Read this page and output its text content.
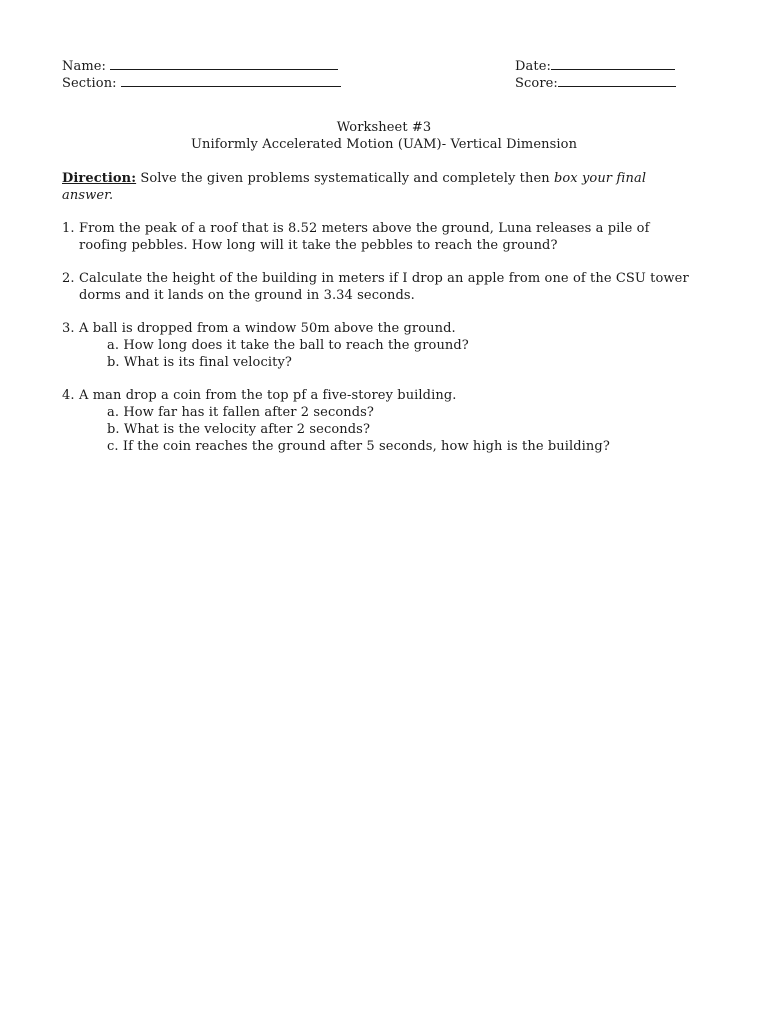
Name:
Section:
Date:
Score:
Worksheet #3
Uniformly Accelerated Motion (UAM)- Vertical Dimension
Direction: Solve the given problems systematically and completely then box your final
answer.
1. From the peak of a roof that is 8.52 meters above the ground, Luna releases a pile of
roofing pebbles. How long will it take the pebbles to reach the ground?
2. Calculate the height of the building in meters if I drop an apple from one of the CSU tower
dorms and it lands on the ground in 3.34 seconds.
3. A ball is dropped from a window 50m above the ground.
a. How long does it take the ball to reach the ground?
b. What is its final velocity?
4. A man drop a coin from the top pf a five-storey building.
a. How far has it fallen after 2 seconds?
b. What is the velocity after 2 seconds?
c. If the coin reaches the ground after 5 seconds, how high is the building?
